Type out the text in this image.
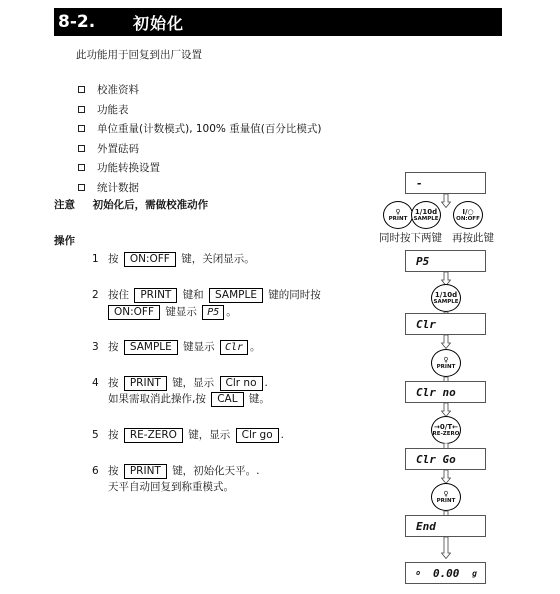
8-2.	初始化
此功能用于回复到出厂设置
校准资料
功能表
单位重量(计数模式), 100% 重量值(百分比模式)
外置砝码
功能转换设置
统计数据
注意 初始化后，需做校准动作
操作
1 按 ON:OFF 键，关闭显示。
2 按住 PRINT 键和 SAMPLE 键的同时按
ON:OFF 键显示 P5 。
3 按 SAMPLE 键显示 Clr 。
4 按 PRINT 键，显示 Clr no .
如果需取消此操作,按 CAL 键。
5 按 RE-ZERO 键，显示 Clr go .
6 按 PRINT 键，初始化天平。.
天平自动回复到称重模式。
-
♀
PRINT
1/10d
SAMPLE
I/○
ON:OFF
同时按下两键 再按此键
P5
1/10d
SAMPLE
Clr
♀
PRINT
Clr no
→0/T←
RE-ZERO
Clr Go
♀
PRINT
End
o 0.00 g
